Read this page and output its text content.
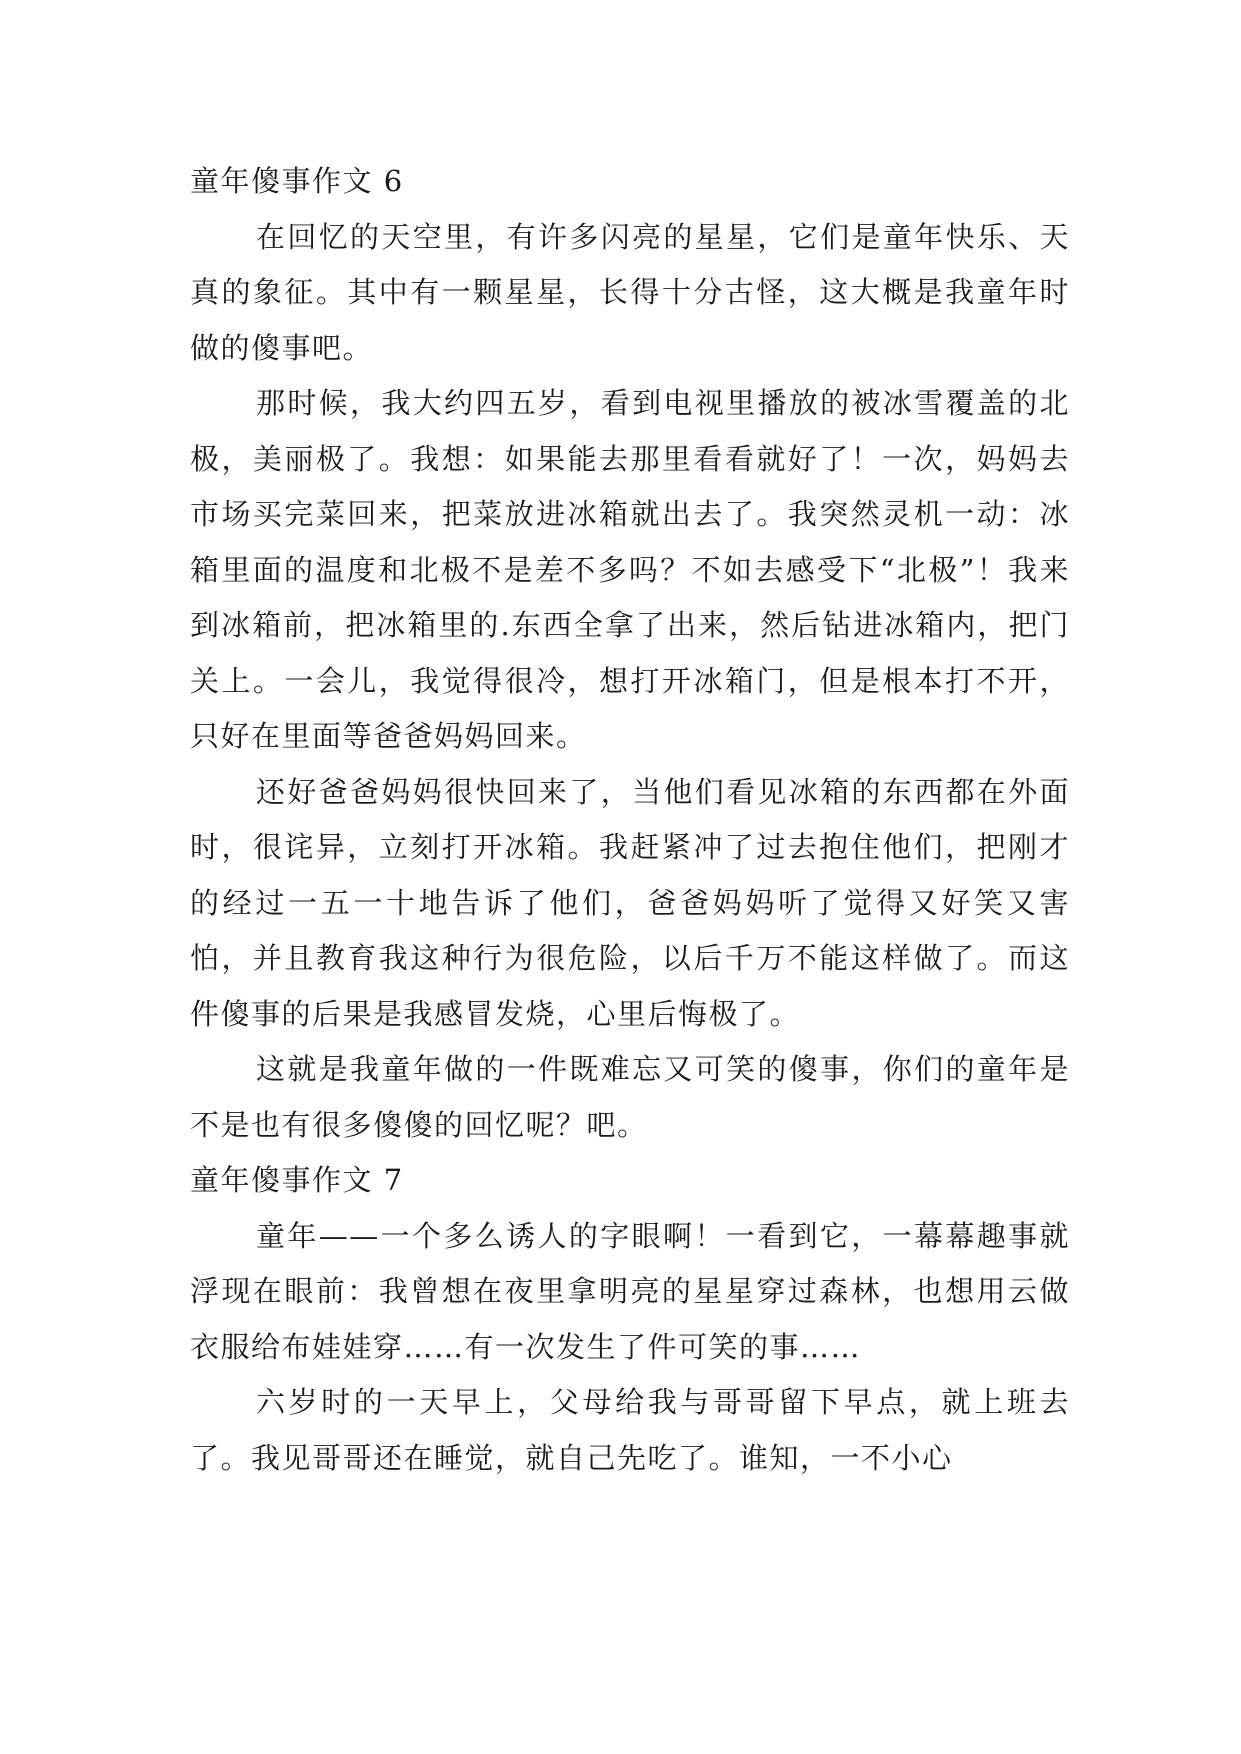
童年傻事作文 6

在回忆的天空里，有许多闪亮的星星，它们是童年快乐、天真的象征。其中有一颗星星，长得十分古怪，这大概是我童年时做的傻事吧。

那时候，我大约四五岁，看到电视里播放的被冰雪覆盖的北极，美丽极了。我想：如果能去那里看看就好了！一次，妈妈去市场买完菜回来，把菜放进冰箱就出去了。我突然灵机一动：冰箱里面的温度和北极不是差不多吗？不如去感受下“北极”！我来到冰箱前，把冰箱里的.东西全拿了出来，然后钻进冰箱内，把门关上。一会儿，我觉得很冷，想打开冰箱门，但是根本打不开，只好在里面等爸爸妈妈回来。

还好爸爸妈妈很快回来了，当他们看见冰箱的东西都在外面时，很诧异，立刻打开冰箱。我赶紧冲了过去抱住他们，把刚才的经过一五一十地告诉了他们，爸爸妈妈听了觉得又好笑又害怕，并且教育我这种行为很危险，以后千万不能这样做了。而这件傻事的后果是我感冒发烧，心里后悔极了。

这就是我童年做的一件既难忘又可笑的傻事，你们的童年是不是也有很多傻傻的回忆呢？吧。

童年傻事作文 7

童年——一个多么诱人的字眼啊！一看到它，一幕幕趣事就浮现在眼前：我曾想在夜里拿明亮的星星穿过森林，也想用云做衣服给布娃娃穿……有一次发生了件可笑的事……

六岁时的一天早上，父母给我与哥哥留下早点，就上班去了。我见哥哥还在睡觉，就自己先吃了。谁知，一不小心
